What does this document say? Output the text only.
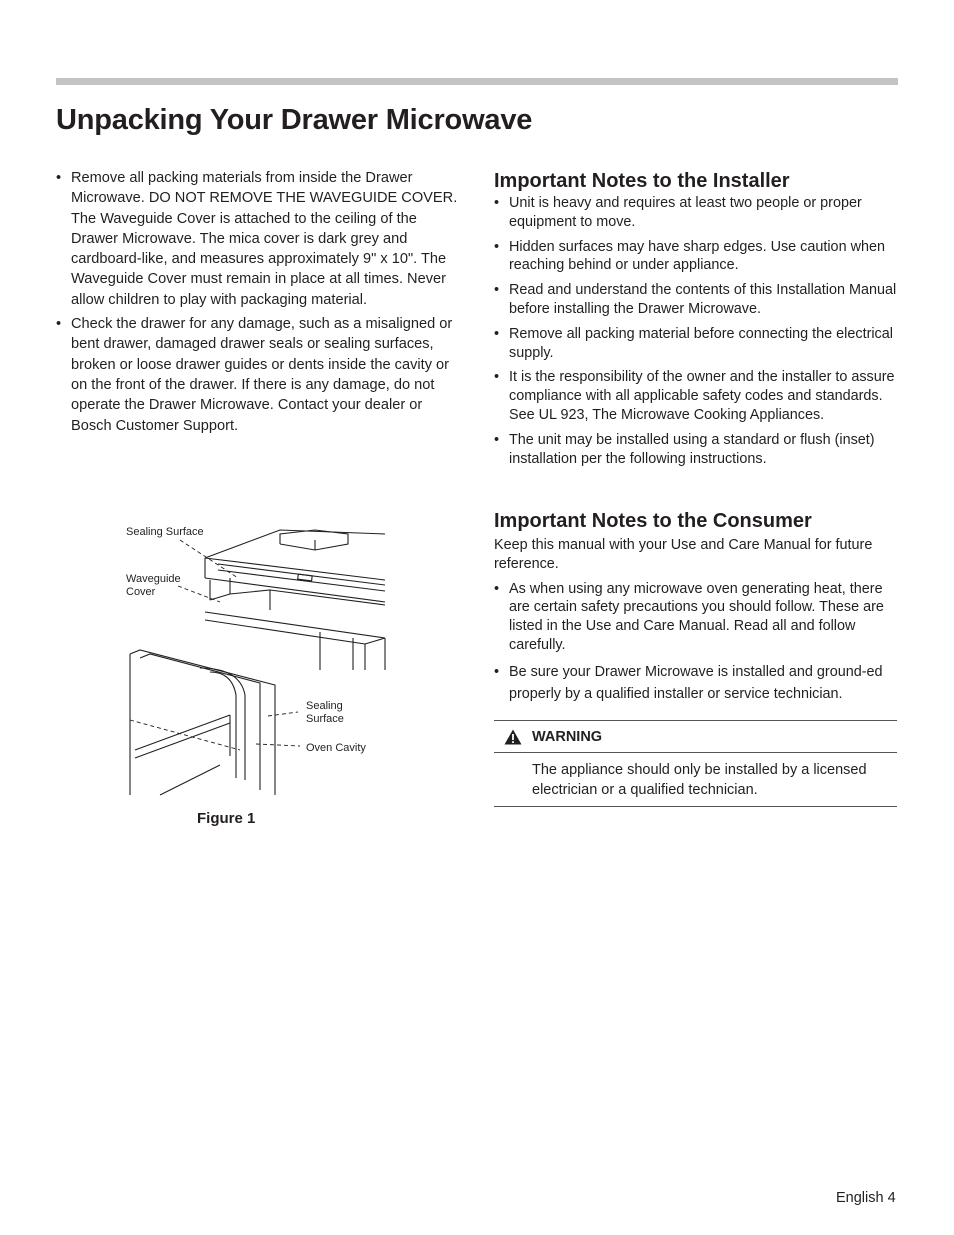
Unpacking Your Drawer Microwave
• Remove all packing materials from inside the Drawer Microwave. DO NOT REMOVE THE WAVEGUIDE COVER. The Waveguide Cover is attached to the ceiling of the Drawer Microwave. The mica cover is dark grey and cardboard-like, and measures approximately 9" x 10". The Waveguide Cover must remain in place at all times. Never allow children to play with packaging material.
• Check the drawer for any damage, such as a misaligned or bent drawer, damaged drawer seals or sealing surfaces, broken or loose drawer guides or dents inside the cavity or on the front of the drawer. If there is any damage, do not operate the Drawer Microwave. Contact your dealer or Bosch Customer Support.
Sealing Surface
Waveguide Cover
Sealing Surface
Oven Cavity
Figure 1
Important Notes to the Installer
• Unit is heavy and requires at least two people or proper equipment to move.
• Hidden surfaces may have sharp edges. Use caution when reaching behind or under appliance.
• Read and understand the contents of this Installation Manual before installing the Drawer Microwave.
• Remove all packing material before connecting the electrical supply.
• It is the responsibility of the owner and the installer to assure compliance with all applicable safety codes and standards. See UL 923, The Microwave Cooking Appliances.
• The unit may be installed using a standard or flush (inset) installation per the following instructions.
Important Notes to the Consumer

Keep this manual with your Use and Care Manual for future reference.

• As when using any microwave oven generating heat, there are certain safety precautions you should follow. These are listed in the Use and Care Manual. Read all and follow carefully.
• Be sure your Drawer Microwave is installed and ground-ed properly by a qualified installer or service technician.
WARNING

The appliance should only be installed by a licensed electrician or a qualified technician.

English 4
